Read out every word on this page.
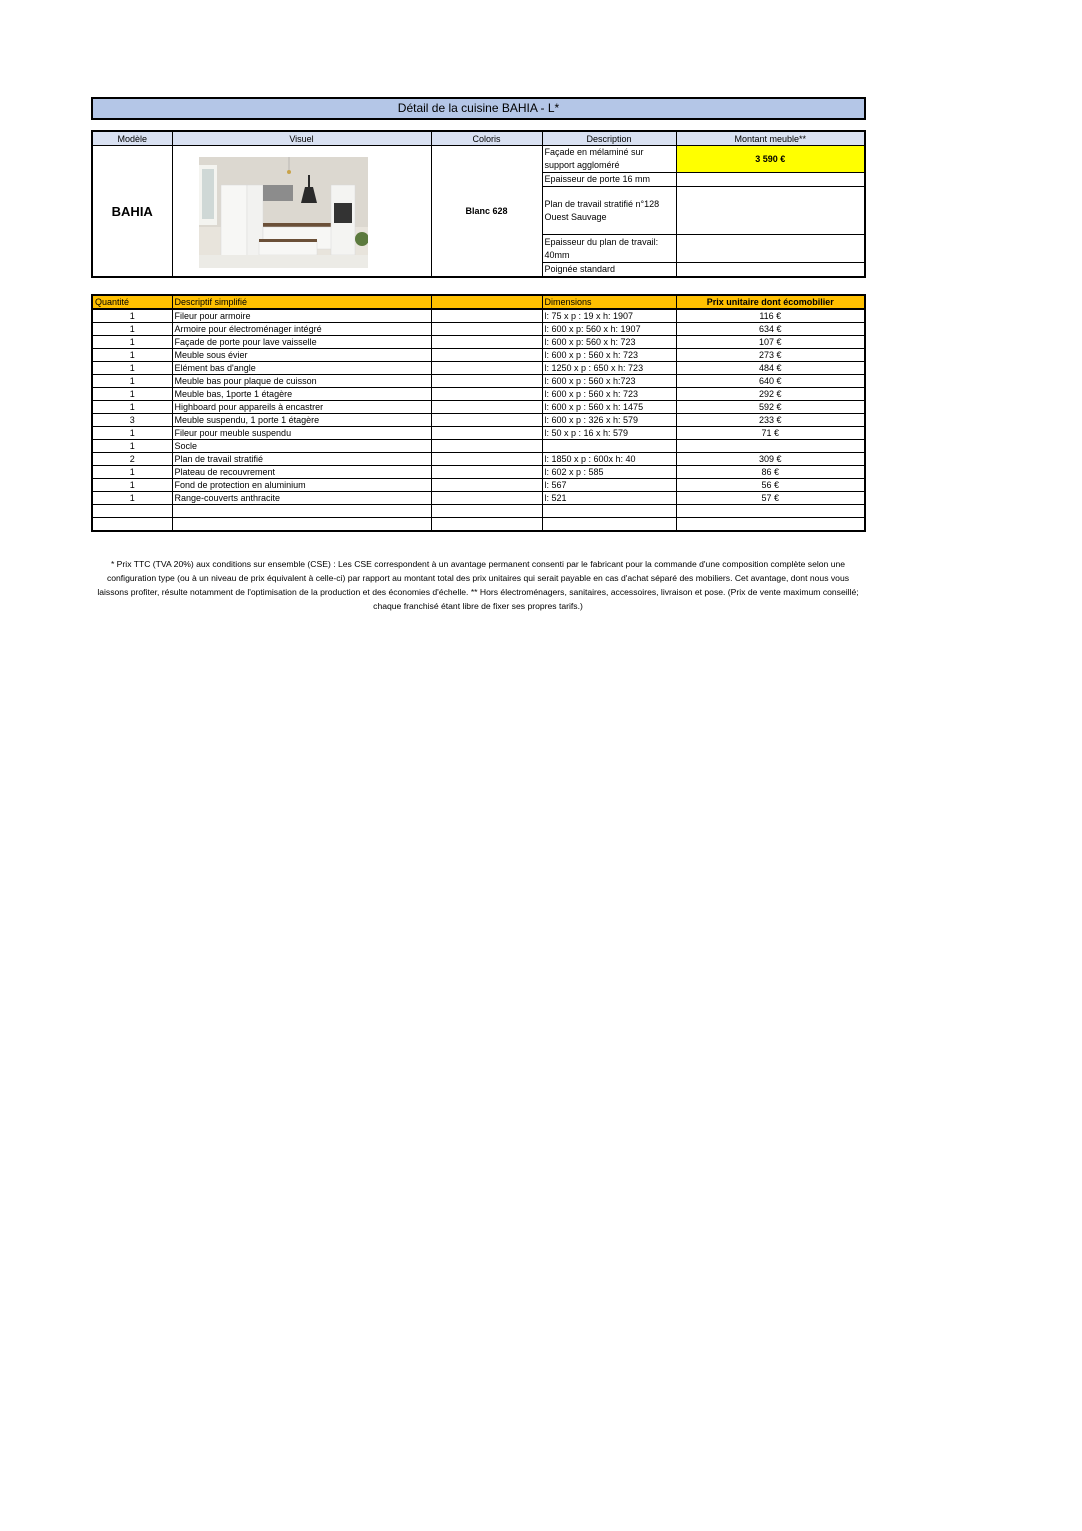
Détail de la cuisine BAHIA - L*
Modèle	Visuel	Coloris	Description	Montant meuble**
BAHIA		Blanc 628	Façade en mélaminé sur support aggloméré	3 590 €
			Epaisseur de porte 16 mm	
			Plan de travail stratifié n°128 Ouest Sauvage	
			Epaisseur du plan de travail: 40mm	
			Poignée standard	
Quantité	Descriptif simplifié		Dimensions	Prix unitaire dont écomobilier
1	Fileur pour armoire		l: 75 x p : 19 x h: 1907	116 €
1	Armoire pour électroménager intégré		l: 600 x p: 560 x h: 1907	634 €
1	Façade de porte pour lave vaisselle		l: 600 x p: 560 x h: 723	107 €
1	Meuble sous évier		l: 600 x p : 560 x h: 723	273 €
1	Elément bas d'angle		l: 1250 x p : 650 x h: 723	484 €
1	Meuble bas pour plaque de cuisson		l: 600 x p : 560 x h:723	640 €
1	Meuble bas, 1porte 1 étagère		l: 600 x p : 560 x h: 723	292 €
1	Highboard pour appareils à encastrer		l: 600 x p : 560 x h: 1475	592 €
3	Meuble suspendu, 1 porte 1 étagère		l: 600 x p : 326 x h: 579	233 €
1	Fileur pour meuble suspendu		l: 50 x p : 16 x h: 579	71 €
1	Socle			
2	Plan de travail stratifié		l: 1850 x p : 600x h: 40	309 €
1	Plateau de recouvrement		l: 602 x p : 585	86 €
1	Fond de protection en aluminium		l: 567	56 €
1	Range-couverts anthracite		l: 521	57 €

* Prix TTC (TVA 20%) aux conditions sur ensemble (CSE) : Les CSE correspondent à un avantage permanent consenti par le fabricant pour la commande d'une composition complète selon une configuration type (ou à un niveau de prix équivalent à celle-ci) par rapport au montant total des prix unitaires qui serait payable en cas d'achat séparé des mobiliers. Cet avantage, dont nous vous laissons profiter, résulte notamment de l'optimisation de la production et des économies d'échelle. ** Hors électroménagers, sanitaires, accessoires, livraison et pose. (Prix de vente maximum conseillé; chaque franchisé étant libre de fixer ses propres tarifs.)
